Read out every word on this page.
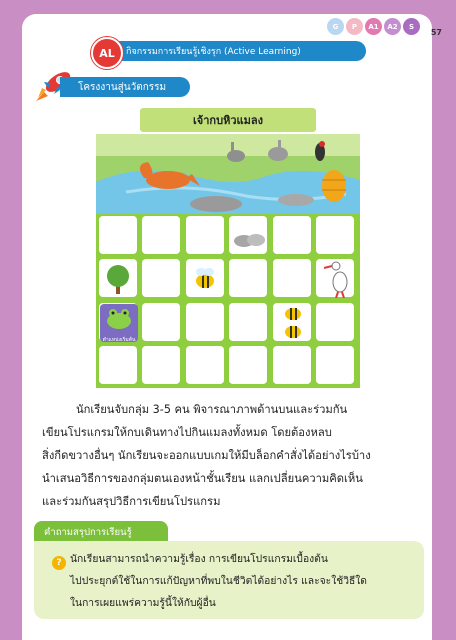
G	P	A1	A2	S
57
กิจกรรมการเรียนรู้เชิงรุก (Active Learning)
AL
โครงงานสู่นวัตกรรม
เจ้ากบหิวแมลง
ตำแหน่งเริ่มต้น
นักเรียนจับกลุ่ม 3-5 คน พิจารณาภาพด้านบนและร่วมกัน
เขียนโปรแกรมให้กบเดินทางไปกินแมลงทั้งหมด โดยต้องหลบ
สิ่งกีดขวางอื่นๆ นักเรียนจะออกแบบเกมให้มีบล็อกคำสั่งได้อย่างไรบ้าง
นำเสนอวิธีการของกลุ่มตนเองหน้าชั้นเรียน แลกเปลี่ยนความคิดเห็น
และร่วมกันสรุปวิธีการเขียนโปรแกรม
คำถามสรุปการเรียนรู้
? นักเรียนสามารถนำความรู้เรื่อง การเขียนโปรแกรมเบื้องต้น
ไปประยุกต์ใช้ในการแก้ปัญหาที่พบในชีวิตได้อย่างไร และจะใช้วิธีใด
ในการเผยแพร่ความรู้นี้ให้กับผู้อื่น
